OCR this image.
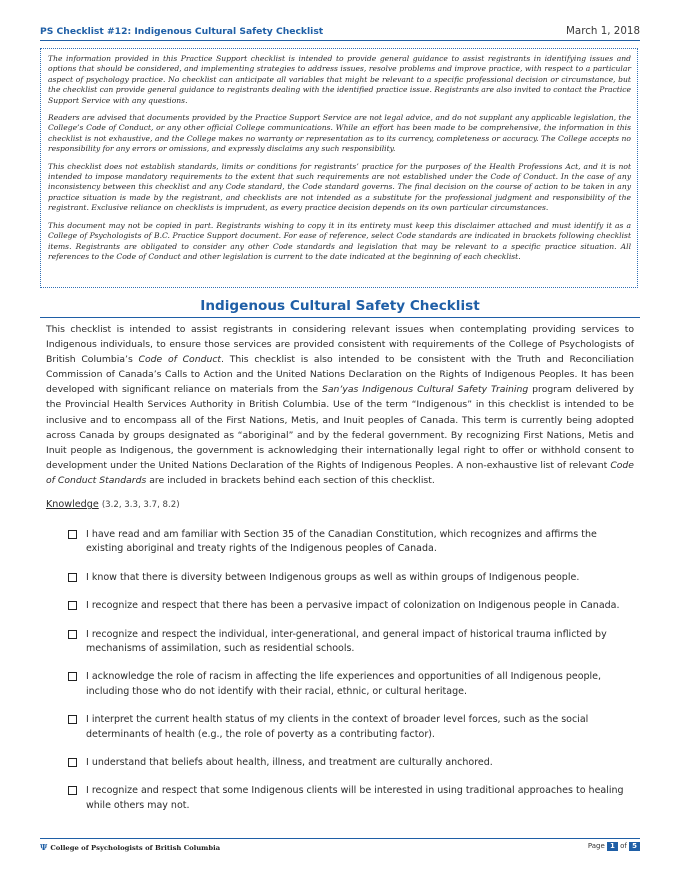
PS Checklist #12: Indigenous Cultural Safety Checklist	March 1, 2018

The information provided in this Practice Support checklist is intended to provide general guidance to assist registrants in identifying issues and options that should be considered, and implementing strategies to address issues, resolve problems and improve practice, with respect to a particular aspect of psychology practice. No checklist can anticipate all variables that might be relevant to a specific professional decision or circumstance, but the checklist can provide general guidance to registrants dealing with the identified practice issue. Registrants are also invited to contact the Practice Support Service with any questions.

Readers are advised that documents provided by the Practice Support Service are not legal advice, and do not supplant any applicable legislation, the College’s Code of Conduct, or any other official College communications. While an effort has been made to be comprehensive, the information in this checklist is not exhaustive, and the College makes no warranty or representation as to its currency, completeness or accuracy. The College accepts no responsibility for any errors or omissions, and expressly disclaims any such responsibility.

This checklist does not establish standards, limits or conditions for registrants’ practice for the purposes of the Health Professions Act, and it is not intended to impose mandatory requirements to the extent that such requirements are not established under the Code of Conduct. In the case of any inconsistency between this checklist and any Code standard, the Code standard governs. The final decision on the course of action to be taken in any practice situation is made by the registrant, and checklists are not intended as a substitute for the professional judgment and responsibility of the registrant. Exclusive reliance on checklists is imprudent, as every practice decision depends on its own particular circumstances.

This document may not be copied in part. Registrants wishing to copy it in its entirety must keep this disclaimer attached and must identify it as a College of Psychologists of B.C. Practice Support document. For ease of reference, select Code standards are indicated in brackets following checklist items. Registrants are obligated to consider any other Code standards and legislation that may be relevant to a specific practice situation. All references to the Code of Conduct and other legislation is current to the date indicated at the beginning of each checklist.

Indigenous Cultural Safety Checklist
This checklist is intended to assist registrants in considering relevant issues when contemplating providing services to Indigenous individuals, to ensure those services are provided consistent with requirements of the College of Psychologists of British Columbia’s Code of Conduct. This checklist is also intended to be consistent with the Truth and Reconciliation Commission of Canada’s Calls to Action and the United Nations Declaration on the Rights of Indigenous Peoples. It has been developed with significant reliance on materials from the San’yas Indigenous Cultural Safety Training program delivered by the Provincial Health Services Authority in British Columbia. Use of the term “Indigenous” in this checklist is intended to be inclusive and to encompass all of the First Nations, Metis, and Inuit peoples of Canada. This term is currently being adopted across Canada by groups designated as “aboriginal” and by the federal government. By recognizing First Nations, Metis and Inuit people as Indigenous, the government is acknowledging their internationally legal right to offer or withhold consent to development under the United Nations Declaration of the Rights of Indigenous Peoples. A non-exhaustive list of relevant Code of Conduct Standards are included in brackets behind each section of this checklist.
Knowledge (3.2, 3.3, 3.7, 8.2)
I have read and am familiar with Section 35 of the Canadian Constitution, which recognizes and affirms the existing aboriginal and treaty rights of the Indigenous peoples of Canada.
I know that there is diversity between Indigenous groups as well as within groups of Indigenous people.
I recognize and respect that there has been a pervasive impact of colonization on Indigenous people in Canada.
I recognize and respect the individual, inter-generational, and general impact of historical trauma inflicted by mechanisms of assimilation, such as residential schools.
I acknowledge the role of racism in affecting the life experiences and opportunities of all Indigenous people, including those who do not identify with their racial, ethnic, or cultural heritage.
I interpret the current health status of my clients in the context of broader level forces, such as the social determinants of health (e.g., the role of poverty as a contributing factor).
I understand that beliefs about health, illness, and treatment are culturally anchored.
I recognize and respect that some Indigenous clients will be interested in using traditional approaches to healing while others may not.
Ψ College of Psychologists of British Columbia	Page 1 of 5
